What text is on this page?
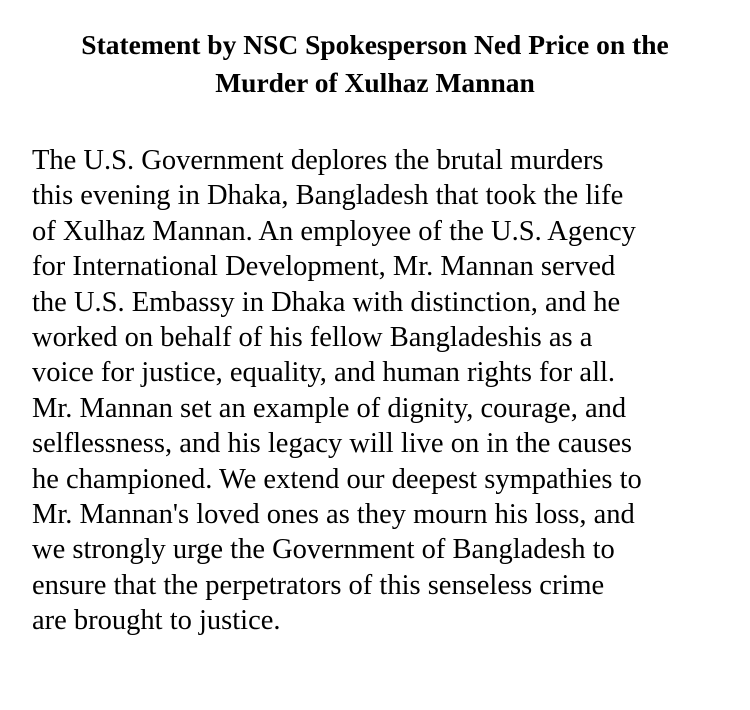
Statement by NSC Spokesperson Ned Price on the
Murder of Xulhaz Mannan

The U.S. Government deplores the brutal murders
this evening in Dhaka, Bangladesh that took the life
of Xulhaz Mannan. An employee of the U.S. Agency
for International Development, Mr. Mannan served
the U.S. Embassy in Dhaka with distinction, and he
worked on behalf of his fellow Bangladeshis as a
voice for justice, equality, and human rights for all.
Mr. Mannan set an example of dignity, courage, and
selflessness, and his legacy will live on in the causes
he championed. We extend our deepest sympathies to
Mr. Mannan's loved ones as they mourn his loss, and
we strongly urge the Government of Bangladesh to
ensure that the perpetrators of this senseless crime
are brought to justice.
